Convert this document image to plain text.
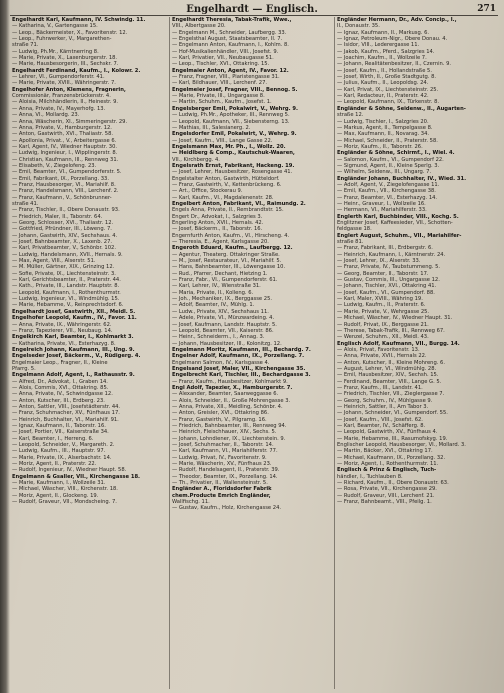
Engelhardt — Englisch.	271
Engelhardt Karl, Kaufmann, IV. Schwindg. 11.
— Katharina, V., Gartengasse 15.
— Leop., Bäckermeister, X., Favoritenstr. 12.
— Leop., Fuhrwerker, V., Margarethen-
straße 71.
— Ludwig, Ph.Mr., Kärntnerring 8.
— Marie, Private, X., Laxenburgerstr. 18.
— Marie, Hausbesorgerin, III., Sechskr. 7.
Engelhardt Ferdinand, Kaufm., I., Kolowr. 2.
— Lehrer, VI., Gumpendorferstr. 41.
— Marie, Private, XVIII., Währingerstr. 7.
Engelhofer Anton, Klemens, Fragnerin,
Commissionär, Franzensbrückenstr. 4.
— Aloisia, Milchhändlerin, II., Heinestr. 9.
— Anna, Private, IV., Mayerhofg. 13.
— Anna, VI., Mollardg. 23.
— Anna, Wäscherin, XI., Simmeringerstr. 29.
— Anna, Private, V., Hamburgerstr. 12.
— Anton, Gastwirth, XVI., Thaliastr. 58.
— Apollonia, Privat., V., Arbeitergasse 6.
— Karl, Agent, IV., Wiedner Hauptstr. 30.
— Ludwig, Ingenieur, I., Wipplingerstr. 8.
— Christian, Kaufmann, III., Rennweg 31.
— Elisabeth, V., Ziegelofeng. 23.
— Emil, Beamter, VI., Gumpendorferstr. 5.
— Emil, Fabrikant, IX., Porzellang. 33.
— Franz, Hausbesorger, VI., Mariahilf. 8.
— Franz, Handelsmann, VIII., Lerchenf. 2.
— Franz, Kaufmann, V., Schönbrunner-
straße 41.
— Franz, Tischler, II., Obere Donaustr. 93.
— Friedrich, Maler, II., Taborstr. 64.
— Georg, Schlosser, XVI., Thaliastr. 12.
— Gottfried, Pfründner, III., Löweng. 7.
— Johann, Gastwirth, XIV., Sechshaus. 4.
— Josef, Bahnbeamter, X., Laxenb. 27.
— Karl, Privatbeamter, V., Schönbr. 102.
— Ludwig, Handelsmann, XVII., Hernals. 9.
— Max, Agent, VIII., Alserstr. 51.
— M. Müller, Gärtner, XIX., Grinzing 12.
— Sofie, Private, IX., Liechtensteinstr. 3.
— Karl, Gerichtsbeamter, II., Praterstr. 44.
— Kath., Private, III., Landstr. Hauptstr. 8.
— Leopold, Kaufmann, I., Rothenthurmstr.
— Ludwig, Ingenieur, VI., Windmühlg. 15.
— Marie, Hebamme, V., Reinprechtsdorf. 6.
Engelhardt Josef, Gastwirth, XII., Meidl. 5.
Engelhofer Leopold, Kaufm., IV., Favor. 11.
— Anna, Private, IX., Währingerstr. 62.
— Franz, Tapezierer, VII., Neubaug. 14.
Engelkirch Karl, Beamter, I., Kohlmarkt 3.
— Katharina, Private, VI., Esterhazyg. 8.
Engelreich Johann, Kaufmann, III., Ung. 9.
Engelseder Josef, Bäckerm., V., Rüdigerg. 4.
Engelmaier Leop., Fragner, II., Kleine
Pfarrg. 5.
Engelmann Adolf, Agent, I., Rathausstr. 9.
— Alfred, Dr., Advokat, I., Graben 14.
— Alois, Commis, XVI., Ottakring. 85.
— Anna, Private, IV., Schwindgasse 12.
— Anton, Kutscher, III., Erdberg. 23.
— Anton, Sattler, VIII., Josefstädterstr. 44.
— Franz, Schuhmacher, XV., Fünfhaus 17.
— Heinrich, Buchhalter, VI., Mariahilf. 91.
— Ignaz, Kaufmann, II., Taborstr. 16.
— Josef, Portier, VII., Kaiserstraße 34.
— Karl, Beamter, I., Herreng. 6.
— Leopold, Schneider, V., Margareth. 2.
— Ludwig, Kaufm., III., Hauptstr. 97.
— Marie, Private, IX., Alserbachstr. 14.
— Moriz, Agent, II., Praterstr. 22.
— Rudolf, Ingenieur, IV., Wiedner Haupt. 58.
Engelmann & Gsaller, VII., Kirchengasse 18.
— Marie, Kaufmann, I., Wollzeile 31.
— Michael, Wäscher, VIII., Kirchenstr. 18.
— Moriz, Agent, II., Glockeng. 19.
— Rudolf, Graveur, VII., Mondscheing. 7.
Engelhardt Theresia, Tabak-Trafik, Wwe.,
VIII., Albertgasse 20.
— Engelmann M., Schneider, Laufbergg. 33.
— Engelsthal August, Staatsbeamter, II. 7.
— Engelmann Anton, Kaufmann, I., Kohlm. 8.
— Hof-Musikalienhändler, VIII., Josefst. 9.
— Karl, Privatier, VII., Neubaugasse 51.
— Leop., Tischler, XVI., Ottakring. 15.
Engelmaier Anton, Agent, IV., Favor. 12.
— Franz, Fragner, VIII., Piaristengasse 31.
— Karl, Bildhauer, VIII., Lerchenf. 27.
Engelmeier Josef, Fragner, VIII., Bennog. 5.
— Marie, Private, III., Ungargasse 8.
— Martin, Schuhm., Kaufm., Josefst. 1.
Engelsberger Emil, Pokalwirt, V., Wehrg. 9.
— Ludwig, Ph.Mr., Apotheker, III., Rennweg 5.
— Leopold, Kaufmann, VII., Siebensterng. 13.
— Mathias, III., Salesianerg. 2.
Engelsdorfer Emil, Pokalwirt, V., Wehrg. 9.
— Josef, Kaufm., VIII., Lange Gasse 22.
Engelsmann Max, Mr. Ph., I., Wollz. 20.
— Heidlberg & Comp., Kautschuk-Waaren,
VII., Kirchbergg. 4.
Engelsrath Ernst, Fabrikant, Hackeng. 19.
— Josef, Lehrer, Hausbesitzer, Rosengasse 41.
Engelstalter Anton, Gastwirth, Hütteldorf.
— Franz, Gastwirth, V., Kettenbrückeng. 6.
— Art., Office, Stockerau 9.
— Karl, Kaufm., VI., Magdalenenstr. 28.
Engelbert Anton, Fabrikant, VI., Raimundg. 2.
Engels Anna, Private, II., Rembrandtstr. 15.
Engert Dr., Advokat, I., Salzgries 3.
Engerling Anton, XVII., Hernals. 42.
— Josef, Bäckerm., II., Taborstr. 16.
Engernfurth Anton, Kaufm., VI., Hirscheng. 4.
— Theresia, E., Agent, Karlsgasse 20.
Engeroth Eduard, Kaufm., Laufbergg. 12.
— Agentur, Theaterg. Ottakringer Straße.
— M., Josef, Restaurateur, VI., Mariahilf. 5.
— Hans, Bahnbeamter, III., Löwengasse 10.
— Rud., Pfarrer, Dechant, Hietzing 1.
— Franz, Fabr., VI., Gumpendorferstr. 61.
— Karl, Lehrer, IV., Wienstraße 31.
— Maria, Private, II., Kolleng. 6.
— Joh., Mechaniker, IX., Berggasse 25.
— Adolf, Beamter, IV., Mühlg. 1.
— Ludw., Private, XIV., Sechshaus 11.
— Adele, Private, VI., Münzwardeing. 4.
— Josef, Kaufmann, Landstr. Hauptstr. 5.
— Leopold, Beamter, VII., Kaiserstr. 86.
— Heinr., Schneiderm., I., Annag. 3.
— Johann, Hausbesitzer, III., Kolonitzg. 12.
Engelmann Moritz, Kaufmann, III., Bechardg. 7.
Engelner Adolf, Kaufmann, IX., Porzellang. 7.
Engelmann Salmon, IV., Karlsgasse 4.
Engelsand Josef, Maler, VII., Kirchengasse 35.
Engelbrecht Karl, Tischler, III., Bechardgasse 3.
— Franz, Kaufm., Hausbesitzer, Kohlmarkt 9.
Engl Adolf, Tapezier, X., Hamburgerstr. 7.
— Alexander, Beamter, Saarweggasse 6.
— Alois, Schneider, II., Große Mohrengasse 3.
— Anna, Private, XII., Meidling, Schönbr. 4.
— Anton, Greisler, XVI., Ottakring 86.
— Franz, Gastwirth, V., Pilgramg. 16.
— Friedrich, Bahnbeamter, III., Rennweg 94.
— Heinrich, Fleischhauer, XIV., Sechs. 5.
— Johann, Lohndiener, IX., Liechtenstein. 9.
— Josef, Schuhmacher, II., Taborstr. 14.
— Karl, Kaufmann, VI., Mariahilferstr. 77.
— Ludwig, Privat, IV., Favoritenstr. 9.
— Marie, Wäscherin, XV., Fünfhaus 23.
— Rudolf, Handelsagent, II., Praterstr. 39.
— Theodor, Beamter, IX., Porzellang. 14.
— Th., Privatier, II., Wallensteinstr. 5.
Engländer A., Floridsdorfer Fabrik
chem.Producte Emrich Engländer,
Wallfischg. 11.
— Gustav, Kaufm., Holz, Kirchengasse 24.
Engländer Hermann, Dr., Adv. Concip., I.,
II., Donaustr. 35.
— Ignaz, Kaufmann, II., Markusg. 6.
— Ignaz, Petroleum-Nigr., Obere Donau. 4.
— Isidor, VIII., Lederergasse 11.
— Jakob, Kaufm., Pferd., Salzgries 14.
— Joachim, Kaufm., II., Wollzeile 7.
— Johann, Realitätenbesitzer, II., Czernin. 9.
— Josef, Kaufm., II., Hollandstraße 5.
— Josef, Wirth, II., Große Stadtgutg. 8.
— Julius, Kaufm., II., Leopoldsg. 24.
— Karl, Privat, IX., Liechtensteinstr. 25.
— Karl, Redacteur, II., Praterstr. 42.
— Leopold, Kaufmann, IX., Türkenstr. 8.
Engländer & Söhne, Seidenw., II., Augarten-
straße 12.
— Ludwig, Tischler, I., Salzgries 20.
— Markus, Agent, II., Tempelgasse 8.
— Max, Kaufmann, II., Novarag. 34.
— Michael, Schneider, II., Praterstr. 58.
— Moriz, Kaufm., II., Taborstr. 26.
Engländer & Söhne, Schirmf., I., Wiel. 4.
— Salomon, Kaufm., VI., Gumpendorf 22.
— Sigmund, Agent, II., Kleine Sperlg. 3.
— Wilhelm, Seidenw., III., Ungarg. 7.
Engländer Johann, Buchhalter, IV., Wied. 31.
— Adolf, Agent, V., Ziegelofengasse 11.
— Emil, Kaufm., VII., Kirchengasse 38.
— Franz, Beamter, VI., Esterhazyg. 14.
— Heinr., Graveur, I., Wollzeile 16.
— Hermann, VI., Mariahilferstr. 33.
Englerth Karl, Buchbinder, VIII., Kochg. 5.
Englitzner Josef, Kaffeesieder, VII., Schotten-
feldgasse 18.
Englert August, Schuhm., VII., Mariahilfer-
straße 81.
— Franz, Fabrikant, III., Erdbergstr. 6.
— Heinrich, Kaufmann, I., Kärntnerstr. 24.
— Josef, Lehrer, IX., Alserstr. 33.
— Franz, Private, IV., Taubstummeng. 5.
— Georg, Beamter, II., Taborstr. 17.
— Gustav, Commis, III., Ungargasse 12.
— Johann, Tischler, XVI., Ottakring 41.
— Josef, Kaufm., VI., Gumpendorf. 88.
— Karl, Maler, XVIII., Währing 19.
— Ludwig, Kaufm., II., Praterstr. 6.
— Marie, Private, V., Wehrgasse 25.
— Michael, Wäscher, IV., Wiedner Haupt. 31.
— Rudolf, Privat, IX., Berggasse 21.
— Therese, Tabak-Trafik, III., Rennweg 67.
— Wenzel, Schuhm., XII., Meidl. 43.
Englisch Adolf, Kaufmann, VII., Burgg. 14.
— Alois, Privat, Favoritenstr. 13.
— Anna, Private, XVII., Hernals 22.
— Anton, Kutscher, II., Kleine Mohreng. 6.
— August, Lehrer, VI., Windmühlg. 28.
— Emil, Hausbesitzer, XIV., Sechsh. 15.
— Ferdinand, Beamter, VIII., Lange G. 5.
— Franz, Kaufm., III., Landstr. 41.
— Friedrich, Tischler, VII., Zieglergasse 7.
— Georg, Schuhm., IV., Mühlgasse 9.
— Heinrich, Sattler, II., Am Tabor 3.
— Johann, Schneider, VI., Gumpendorf. 55.
— Josef, Kaufm., VIII., Josefst. 62.
— Karl, Beamter, IV., Schäfferg. 8.
— Leopold, Gastwirth, XV., Fünfhaus 4.
— Marie, Hebamme, III., Rasumofskyg. 19.
Englischer Leopold, Hausbesorger, VI., Mollard. 3.
— Martin, Bäcker, XVI., Ottakring 17.
— Michael, Kaufmann, IX., Porzellang. 32.
— Moriz, Agent, I., Rothenthurmstr. 11.
Englisch & Prinz & Englisch, Tuch-
händler, I., Tuchlauben 8.
— Richard, Kaufm., II., Obere Donaustr. 63.
— Rosa, Private, VII., Kirchengasse 29.
— Rudolf, Graveur, VIII., Lerchenf. 21.
— Franz, Bahnbeamt., VIII., Pfeilg. 1.
